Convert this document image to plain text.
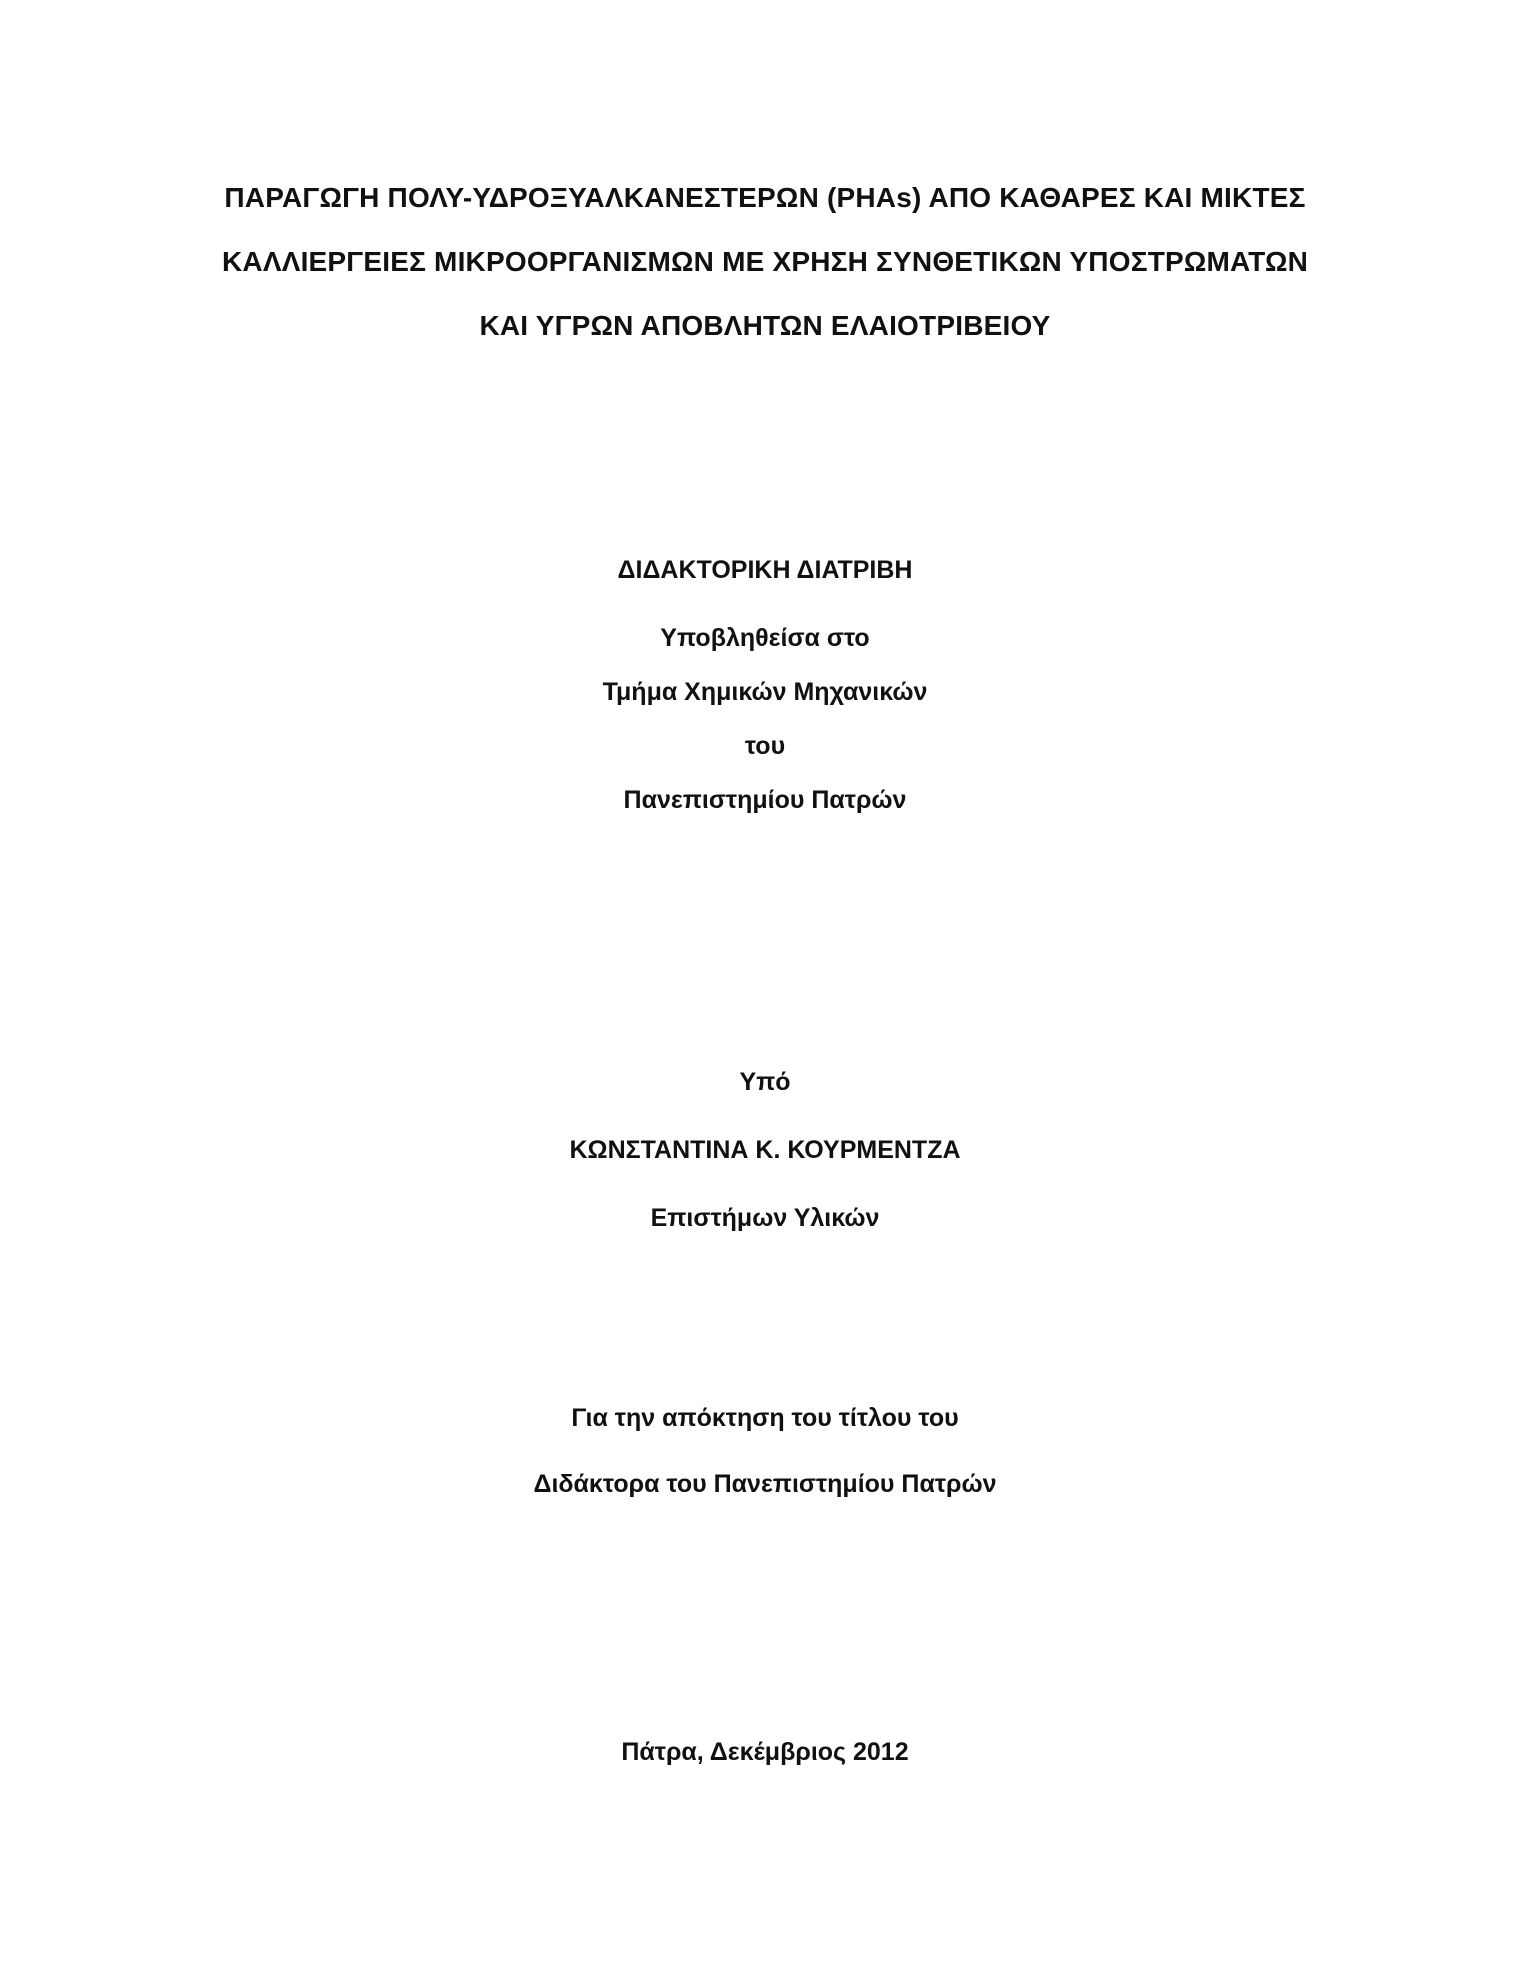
ΠΑΡΑΓΩΓΗ ΠΟΛΥ-ΥΔΡΟΞΥΑΛΚΑΝΕΣΤΕΡΩΝ (PHAs) ΑΠΟ ΚΑΘΑΡΕΣ ΚΑΙ ΜΙΚΤΕΣ
ΚΑΛΛΙΕΡΓΕΙΕΣ ΜΙΚΡΟΟΡΓΑΝΙΣΜΩΝ ΜΕ ΧΡΗΣΗ ΣΥΝΘΕΤΙΚΩΝ ΥΠΟΣΤΡΩΜΑΤΩΝ
ΚΑΙ ΥΓΡΩΝ ΑΠΟΒΛΗΤΩΝ ΕΛΑΙΟΤΡΙΒΕΙΟΥ
ΔΙΔΑΚΤΟΡΙΚΗ ΔΙΑΤΡΙΒΗ
Υποβληθείσα στο
Τμήμα Χημικών Μηχανικών
του
Πανεπιστημίου Πατρών
Υπό
ΚΩΝΣΤΑΝΤΙΝΑ Κ. ΚΟΥΡΜΕΝΤΖΑ
Επιστήμων Υλικών
Για την απόκτηση του τίτλου του
Διδάκτορα του Πανεπιστημίου Πατρών
Πάτρα, Δεκέμβριος 2012
